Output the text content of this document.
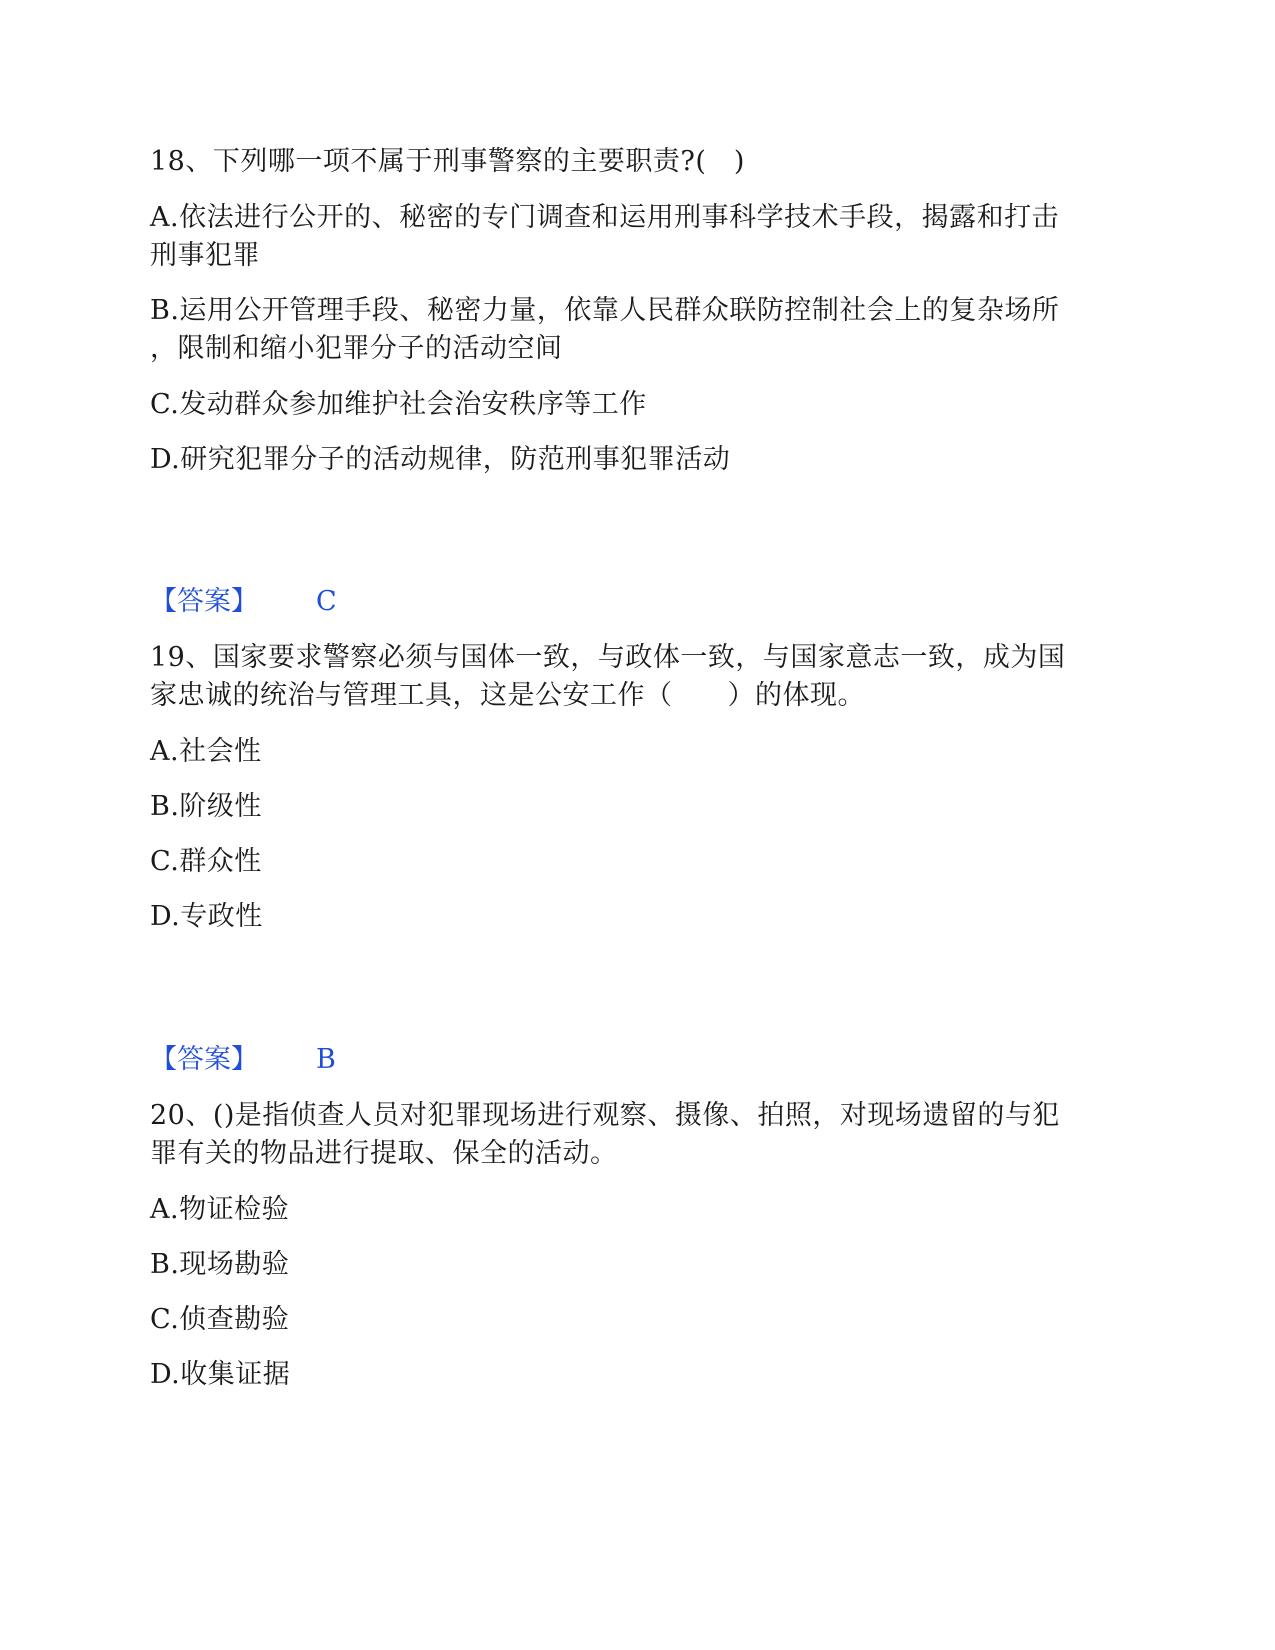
18、下列哪一项不属于刑事警察的主要职责?(　)
A.依法进行公开的、秘密的专门调查和运用刑事科学技术手段，揭露和打击
刑事犯罪
B.运用公开管理手段、秘密力量，依靠人民群众联防控制社会上的复杂场所
，限制和缩小犯罪分子的活动空间
C.发动群众参加维护社会治安秩序等工作
D.研究犯罪分子的活动规律，防范刑事犯罪活动
【答案】 C
19、国家要求警察必须与国体一致，与政体一致，与国家意志一致，成为国
家忠诚的统治与管理工具，这是公安工作（　　）的体现。
A.社会性
B.阶级性
C.群众性
D.专政性
【答案】 B
20、()是指侦查人员对犯罪现场进行观察、摄像、拍照，对现场遗留的与犯
罪有关的物品进行提取、保全的活动。
A.物证检验
B.现场勘验
C.侦查勘验
D.收集证据
